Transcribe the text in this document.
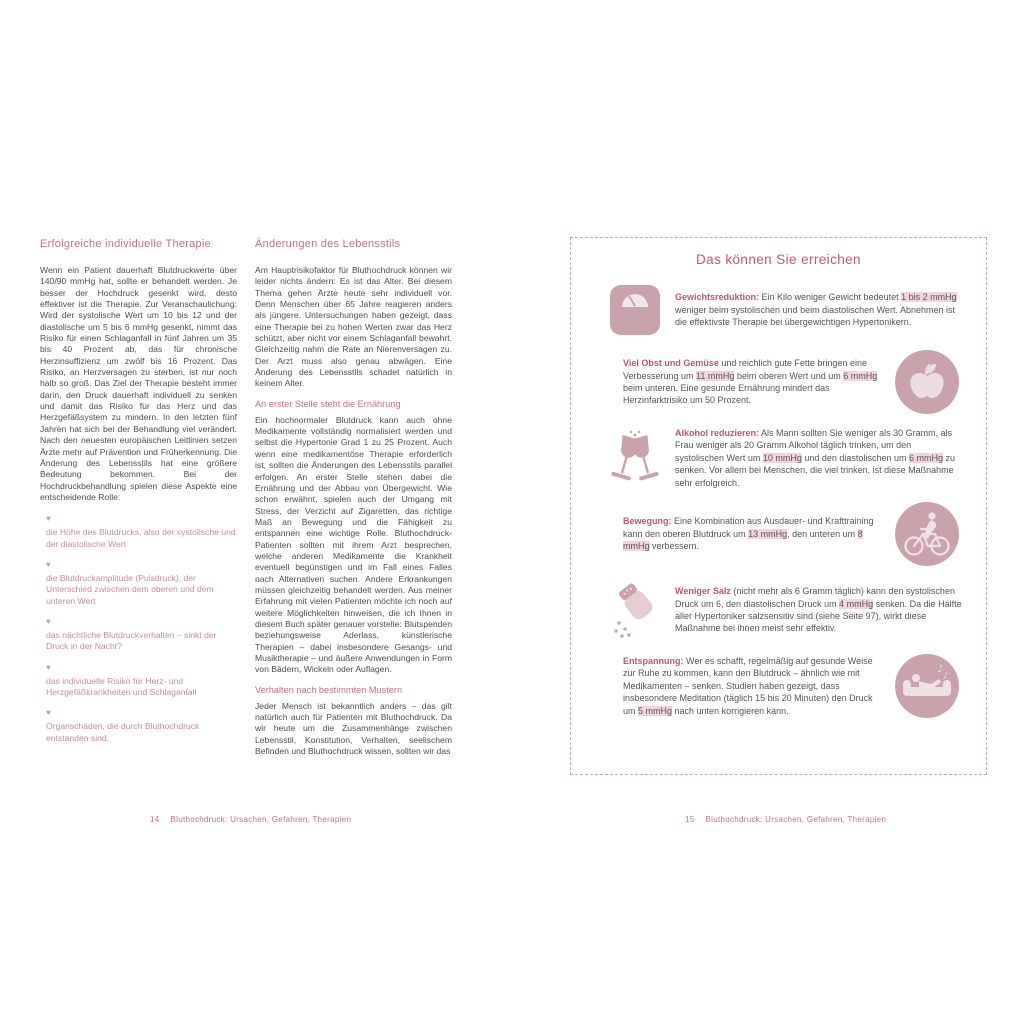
Erfolgreiche individuelle Therapie

Wenn ein Patient dauerhaft Blutdruckwerte über 140/90 mmHg hat, sollte er behandelt werden. Je besser der Hochdruck gesenkt wird, desto effektiver ist die Therapie. Zur Veranschaulichung: Wird der systolische Wert um 10 bis 12 und der diastolische um 5 bis 6 mmHg gesenkt, nimmt das Risiko für einen Schlaganfall in fünf Jahren um 35 bis 40 Prozent ab, das für chronische Herzinsuffizienz um zwölf bis 16 Prozent. Das Risiko, an Herzversagen zu sterben, ist nur noch halb so groß. Das Ziel der Therapie besteht immer darin, den Druck dauerhaft individuell zu senken und damit das Risiko für das Herz und das Herzgefäßsystem zu mindern. In den letzten fünf Jahren hat sich bei der Behandlung viel verändert. Nach den neuesten europäischen Leitlinien setzen Ärzte mehr auf Prävention und Früherkennung. Die Änderung des Lebensstils hat eine größere Bedeutung bekommen. Bei der Hochdruckbehandlung spielen diese Aspekte eine entscheidende Rolle:

♥
die Höhe des Blutdrucks, also der systolische und der diastolische Wert
♥
die Blutdruckamplitude (Pulsdruck), der Unterschied zwischen dem oberen und dem unteren Wert
♥
das nächtliche Blutdruckverhalten – sinkt der Druck in der Nacht?
♥
das individuelle Risiko für Herz- und Herzgefäßkrankheiten und Schlaganfall
♥
Organschäden, die durch Bluthochdruck entstanden sind.
Änderungen des Lebensstils

Am Hauptrisikofaktor für Bluthochdruck können wir leider nichts ändern: Es ist das Alter. Bei diesem Thema gehen Ärzte heute sehr individuell vor. Denn Menschen über 65 Jahre reagieren anders als jüngere. Untersuchungen haben gezeigt, dass eine Therapie bei zu hohen Werten zwar das Herz schützt, aber nicht vor einem Schlaganfall bewahrt. Gleichzeitig nahm die Rate an Nierenversagen zu. Der Arzt muss also genau abwägen. Eine Änderung des Lebensstils schadet natürlich in keinem Alter.

An erster Stelle steht die Ernährung

Ein hochnormaler Blutdruck kann auch ohne Medikamente vollständig normalisiert werden und selbst die Hypertonie Grad 1 zu 25 Prozent. Auch wenn eine medikamentöse Therapie erforderlich ist, sollten die Änderungen des Lebensstils parallel erfolgen. An erster Stelle stehen dabei die Ernährung und der Abbau von Übergewicht. Wie schon erwähnt, spielen auch der Umgang mit Stress, der Verzicht auf Zigaretten, das richtige Maß an Bewegung und die Fähigkeit zu entspannen eine wichtige Rolle. Bluthochdruck-Patienten sollten mit ihrem Arzt besprechen, welche anderen Medikamente die Krankheit eventuell begünstigen und im Fall eines Falles nach Alternativen suchen. Andere Erkrankungen müssen gleichzeitig behandelt werden. Aus meiner Erfahrung mit vielen Patienten möchte ich noch auf weitere Möglichkeiten hinweisen, die ich Ihnen in diesem Buch später genauer vorstelle: Blutspenden beziehungsweise Aderlass, künstlerische Therapien – dabei insbesondere Gesangs- und Musiktherapie – und äußere Anwendungen in Form von Bädern, Wickeln oder Auflagen.

Verhalten nach bestimmten Mustern

Jeder Mensch ist bekanntlich anders – das gilt natürlich auch für Patienten mit Bluthochdruck. Da wir heute um die Zusammenhänge zwischen Lebensstil, Konstitution, Verhalten, seelischem Befinden und Bluthochdruck wissen, sollten wir das

14 Bluthochdruck: Ursachen, Gefahren, Therapien
Das können Sie erreichen
Gewichtsreduktion: Ein Kilo weniger Gewicht bedeutet 1 bis 2 mmHg weniger beim systolischen und beim diastolischen Wert. Abnehmen ist die effektivste Therapie bei übergewichtigen Hypertonikern.
Viel Obst und Gemüse und reichlich gute Fette bringen eine Verbesserung um 11 mmHg beim oberen Wert und um 6 mmHg beim unteren. Eine gesunde Ernährung mindert das Herzinfarktrisiko um 50 Prozent.
Alkohol reduzieren: Als Mann sollten Sie weniger als 30 Gramm, als Frau weniger als 20 Gramm Alkohol täglich trinken, um den systolischen Wert um 10 mmHg und den diastolischen um 6 mmHg zu senken. Vor allem bei Menschen, die viel trinken, ist diese Maßnahme sehr erfolgreich.
Bewegung: Eine Kombination aus Ausdauer- und Krafttraining kann den oberen Blutdruck um 13 mmHg, den unteren um 8 mmHg verbessern.
Weniger Salz (nicht mehr als 6 Gramm täglich) kann den systolischen Druck um 6, den diastolischen Druck um 4 mmHg senken. Da die Hälfte aller Hypertoniker salzsensitiv sind (siehe Seite 97), wirkt diese Maßnahme bei ihnen meist sehr effektiv.
Entspannung: Wer es schafft, regelmäßig auf gesunde Weise zur Ruhe zu kommen, kann den Blutdruck – ähnlich wie mit Medikamenten – senken. Studien haben gezeigt, dass insbesondere Meditation (täglich 15 bis 20 Minuten) den Druck um 5 mmHg nach unten korrigieren kann.
♪
♪
15 Bluthochdruck: Ursachen, Gefahren, Therapien
